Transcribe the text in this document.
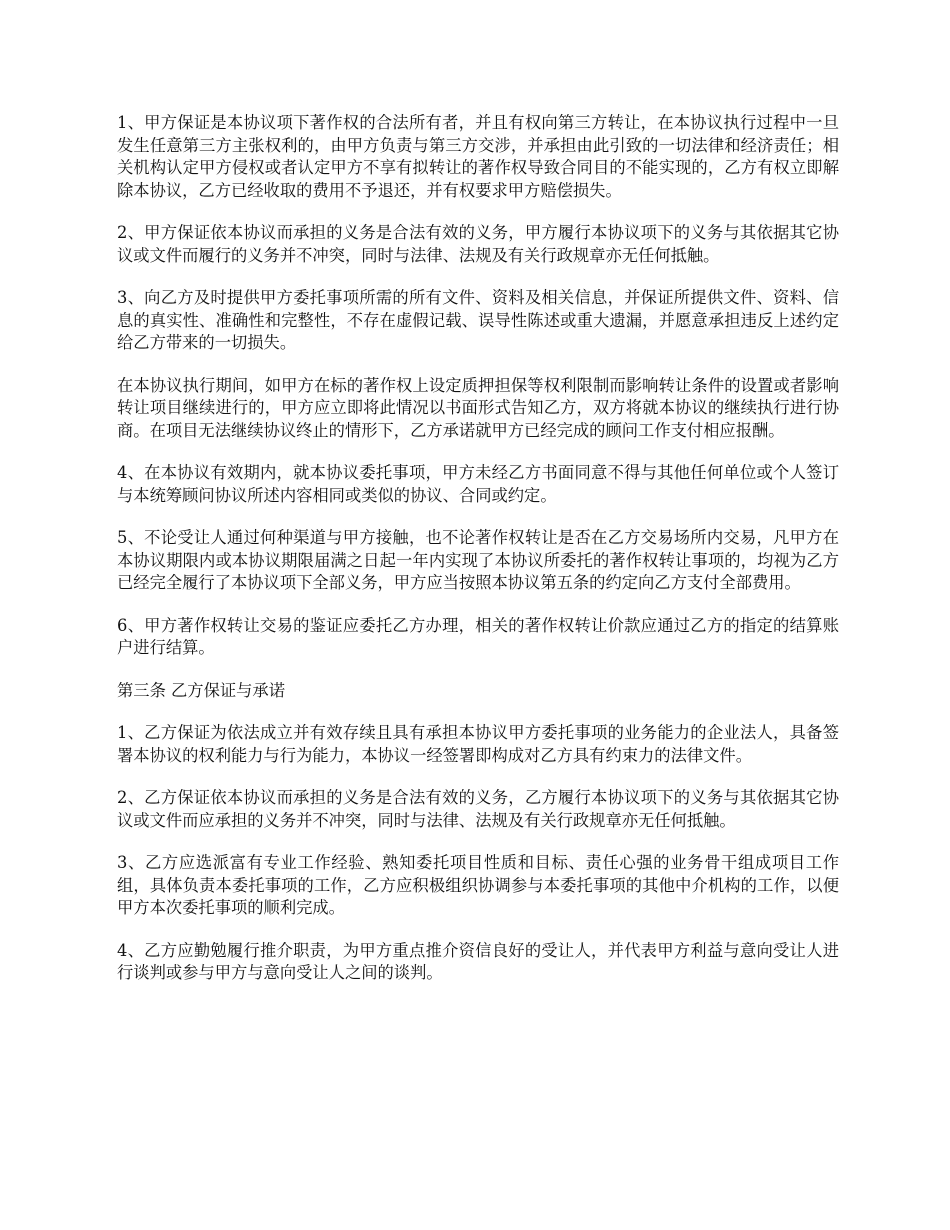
1、甲方保证是本协议项下著作权的合法所有者，并且有权向第三方转让，在本协议执行过程中一旦发生任意第三方主张权利的，由甲方负责与第三方交涉，并承担由此引致的一切法律和经济责任；相关机构认定甲方侵权或者认定甲方不享有拟转让的著作权导致合同目的不能实现的，乙方有权立即解除本协议，乙方已经收取的费用不予退还，并有权要求甲方赔偿损失。

2、甲方保证依本协议而承担的义务是合法有效的义务，甲方履行本协议项下的义务与其依据其它协议或文件而履行的义务并不冲突，同时与法律、法规及有关行政规章亦无任何抵触。

3、向乙方及时提供甲方委托事项所需的所有文件、资料及相关信息，并保证所提供文件、资料、信息的真实性、准确性和完整性，不存在虚假记载、误导性陈述或重大遗漏，并愿意承担违反上述约定给乙方带来的一切损失。

在本协议执行期间，如甲方在标的著作权上设定质押担保等权利限制而影响转让条件的设置或者影响转让项目继续进行的，甲方应立即将此情况以书面形式告知乙方，双方将就本协议的继续执行进行协商。在项目无法继续协议终止的情形下，乙方承诺就甲方已经完成的顾问工作支付相应报酬。

4、在本协议有效期内，就本协议委托事项，甲方未经乙方书面同意不得与其他任何单位或个人签订与本统筹顾问协议所述内容相同或类似的协议、合同或约定。

5、不论受让人通过何种渠道与甲方接触，也不论著作权转让是否在乙方交易场所内交易，凡甲方在本协议期限内或本协议期限届满之日起一年内实现了本协议所委托的著作权转让事项的，均视为乙方已经完全履行了本协议项下全部义务，甲方应当按照本协议第五条的约定向乙方支付全部费用。

6、甲方著作权转让交易的鉴证应委托乙方办理，相关的著作权转让价款应通过乙方的指定的结算账户进行结算。

第三条 乙方保证与承诺

1、乙方保证为依法成立并有效存续且具有承担本协议甲方委托事项的业务能力的企业法人，具备签署本协议的权利能力与行为能力，本协议一经签署即构成对乙方具有约束力的法律文件。

2、乙方保证依本协议而承担的义务是合法有效的义务，乙方履行本协议项下的义务与其依据其它协议或文件而应承担的义务并不冲突，同时与法律、法规及有关行政规章亦无任何抵触。

3、乙方应选派富有专业工作经验、熟知委托项目性质和目标、责任心强的业务骨干组成项目工作组，具体负责本委托事项的工作，乙方应积极组织协调参与本委托事项的其他中介机构的工作，以便甲方本次委托事项的顺利完成。

4、乙方应勤勉履行推介职责，为甲方重点推介资信良好的受让人，并代表甲方利益与意向受让人进行谈判或参与甲方与意向受让人之间的谈判。
